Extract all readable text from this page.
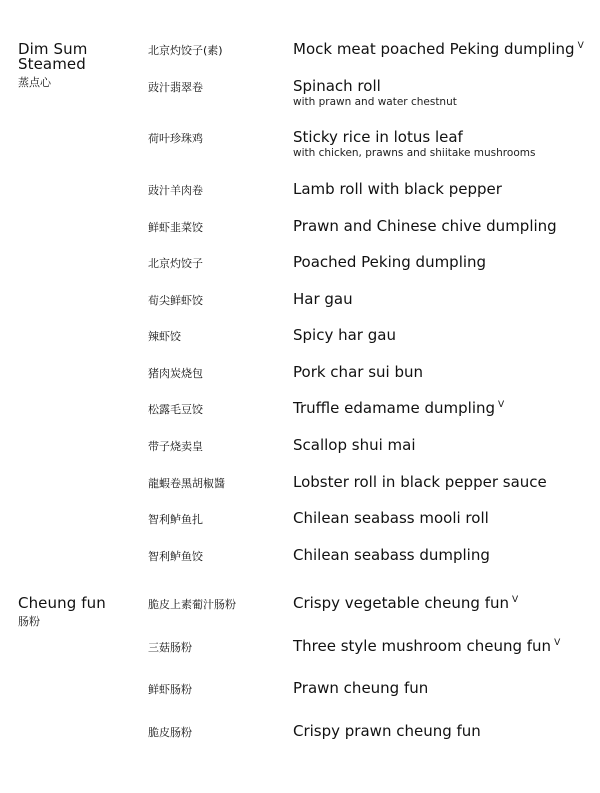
Dim Sum
Steamed
蒸点心
北京灼饺子(素)	Mock meat poached Peking dumpling $^V$
豉汁翡翠卷	Spinach roll
with prawn and water chestnut
荷叶珍珠鸡	Sticky rice in lotus leaf
with chicken, prawns and shiitake mushrooms
豉汁羊肉卷	Lamb roll with black pepper
鲜虾韭菜饺	Prawn and Chinese chive dumpling
北京灼饺子	Poached Peking dumpling
荀尖鲜虾饺	Har gau
辣虾饺	Spicy har gau
猪肉炭烧包	Pork char sui bun
松露毛豆饺	Truffle edamame dumpling $^V$
带子烧卖皇	Scallop shui mai
龍蝦卷黑胡椒醬	Lobster roll in black pepper sauce
智利鲈鱼扎	Chilean seabass mooli roll
智利鲈鱼饺	Chilean seabass dumpling
Cheung fun
肠粉
脆皮上素葡汁肠粉	Crispy vegetable cheung fun $^V$
三菇肠粉	Three style mushroom cheung fun $^V$
鲜虾肠粉	Prawn cheung fun
脆皮肠粉	Crispy prawn cheung fun
